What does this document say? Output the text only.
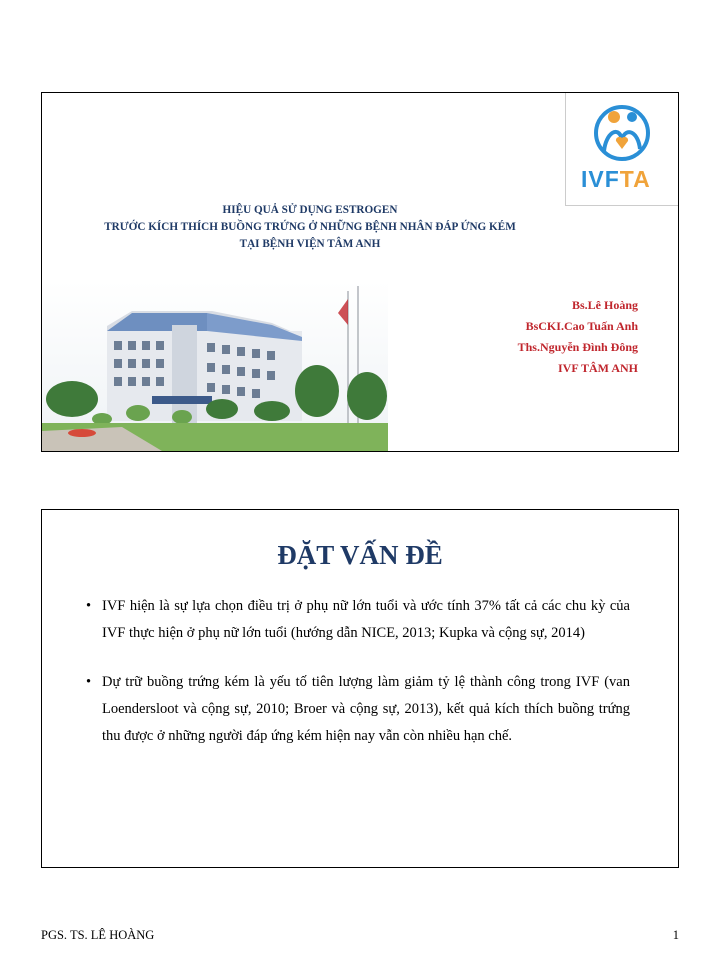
IVFTA
HIỆU QUẢ SỬ DỤNG ESTROGEN
TRƯỚC KÍCH THÍCH BUỒNG TRỨNG Ở NHỮNG BỆNH NHÂN ĐÁP ỨNG KÉM
TẠI BỆNH VIỆN TÂM ANH
Bs.Lê Hoàng
BsCKI.Cao Tuấn Anh
Ths.Nguyễn Đình Đông
IVF TÂM ANH
ĐẶT VẤN ĐỀ
• IVF hiện là sự lựa chọn điều trị ở phụ nữ lớn tuổi và ước tính 37% tất cả các chu kỳ của IVF thực hiện ở phụ nữ lớn tuổi (hướng dẫn NICE, 2013; Kupka và cộng sự, 2014)
• Dự trữ buồng trứng kém là yếu tố tiên lượng làm giảm tỷ lệ thành công trong IVF (van Loendersloot và cộng sự, 2010; Broer và cộng sự, 2013), kết quả kích thích buồng trứng thu được ở những người đáp ứng kém hiện nay vẫn còn nhiều hạn chế.
PGS. TS. LÊ HOÀNG	1
